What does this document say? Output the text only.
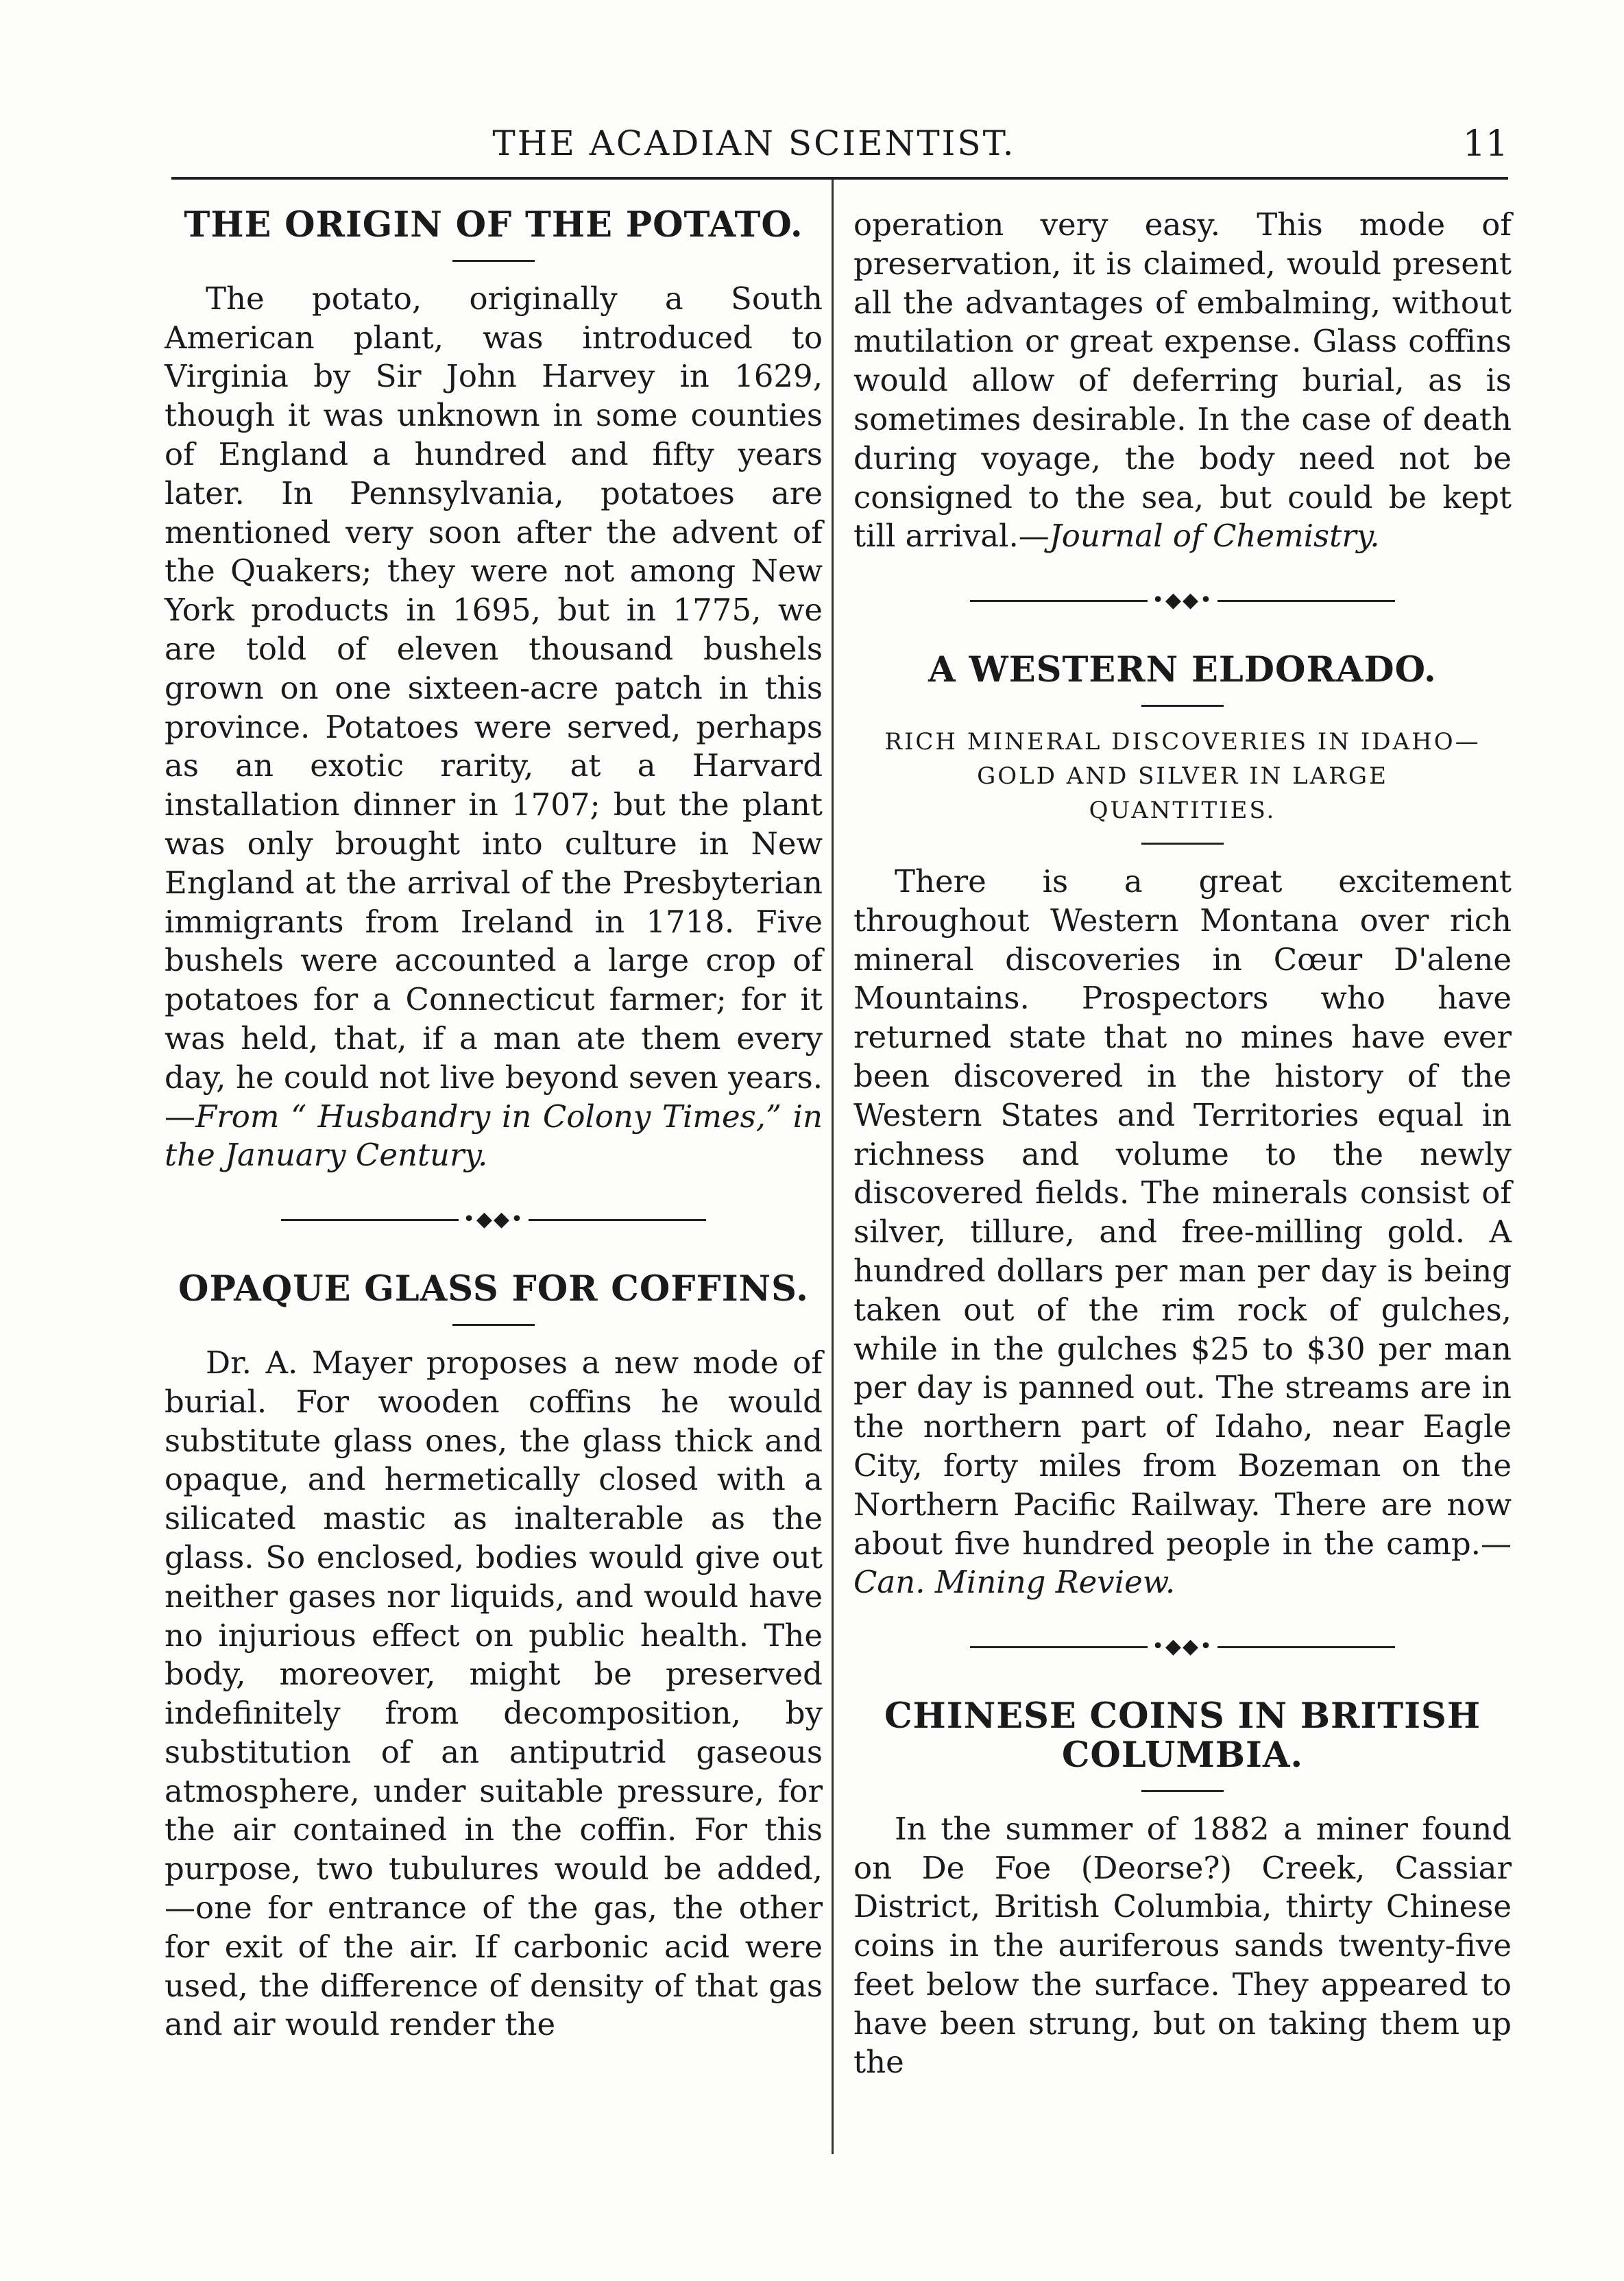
THE ACADIAN SCIENTIST.	11
THE ORIGIN OF THE POTATO.

The potato, originally a South American plant, was introduced to Virginia by Sir John Harvey in 1629, though it was unknown in some counties of England a hundred and fifty years later. In Pennsylvania, potatoes are mentioned very soon after the advent of the Quakers; they were not among New York products in 1695, but in 1775, we are told of eleven thousand bushels grown on one sixteen-acre patch in this province. Potatoes were served, perhaps as an exotic rarity, at a Harvard installation dinner in 1707; but the plant was only brought into culture in New England at the arrival of the Presbyterian immigrants from Ireland in 1718. Five bushels were accounted a large crop of potatoes for a Connecticut farmer; for it was held, that, if a man ate them every day, he could not live beyond seven years.—From “ Husbandry in Colony Times,” in the January Century.

•◆◆•
OPAQUE GLASS FOR COFFINS.

Dr. A. Mayer proposes a new mode of burial. For wooden coffins he would substitute glass ones, the glass thick and opaque, and hermetically closed with a silicated mastic as inalterable as the glass. So enclosed, bodies would give out neither gases nor liquids, and would have no injurious effect on public health. The body, moreover, might be preserved indefinitely from decomposition, by substitution of an antiputrid gaseous atmosphere, under suitable pressure, for the air contained in the coffin. For this purpose, two tubulures would be added, —one for entrance of the gas, the other for exit of the air. If carbonic acid were used, the difference of density of that gas and air would render the

operation very easy. This mode of preservation, it is claimed, would present all the advantages of embalming, without mutilation or great expense. Glass coffins would allow of deferring burial, as is sometimes desirable. In the case of death during voyage, the body need not be consigned to the sea, but could be kept till arrival.—Journal of Chemistry.

•◆◆•
A WESTERN ELDORADO.
RICH MINERAL DISCOVERIES IN IDAHO—
GOLD AND SILVER IN LARGE
QUANTITIES.

There is a great excitement throughout Western Montana over rich mineral discoveries in Cœur D'alene Mountains. Prospectors who have returned state that no mines have ever been discovered in the history of the Western States and Territories equal in richness and volume to the newly discovered fields. The minerals consist of silver, tillure, and free-milling gold. A hundred dollars per man per day is being taken out of the rim rock of gulches, while in the gulches $25 to $30 per man per day is panned out. The streams are in the northern part of Idaho, near Eagle City, forty miles from Bozeman on the Northern Pacific Railway. There are now about five hundred people in the camp.—Can. Mining Review.

•◆◆•
CHINESE COINS IN BRITISH
COLUMBIA.

In the summer of 1882 a miner found on De Foe (Deorse?) Creek, Cassiar District, British Columbia, thirty Chinese coins in the auriferous sands twenty-five feet below the surface. They appeared to have been strung, but on taking them up the
